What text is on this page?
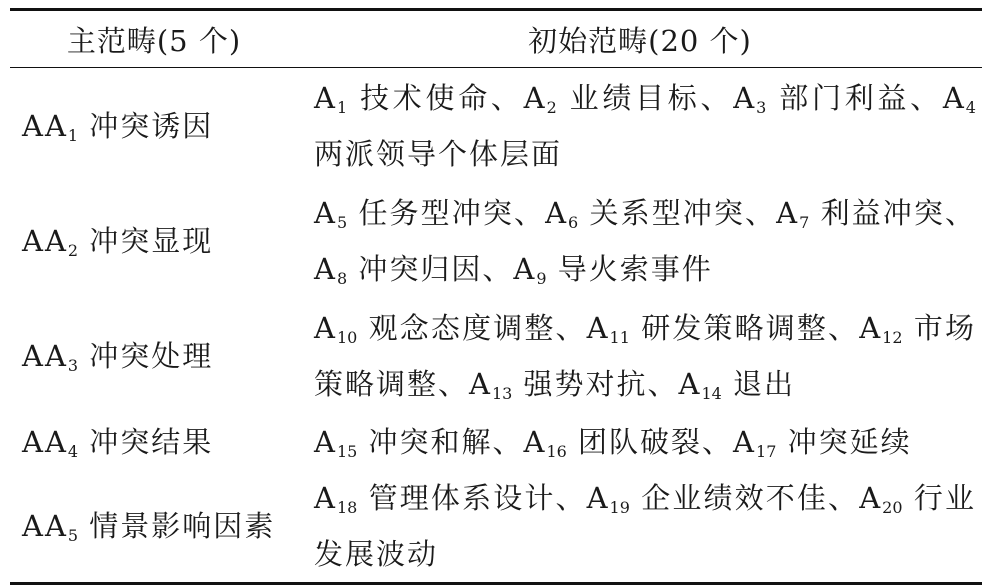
主范畴(5 个)	初始范畴(20 个)

$AA_1$ 冲突诱因	$A_1$ 技术使命、$A_2$ 业绩目标、$A_3$ 部门利益、$A_4$ 两派领导个体层面

$AA_2$ 冲突显现	$A_5$ 任务型冲突、$A_6$ 关系型冲突、$A_7$ 利益冲突、$A_8$ 冲突归因、$A_9$ 导火索事件

$AA_3$ 冲突处理	$A_{10}$ 观念态度调整、$A_{11}$ 研发策略调整、$A_{12}$ 市场策略调整、$A_{13}$ 强势对抗、$A_{14}$ 退出

$AA_4$ 冲突结果	$A_{15}$ 冲突和解、$A_{16}$ 团队破裂、$A_{17}$ 冲突延续

$AA_5$ 情景影响因素	$A_{18}$ 管理体系设计、$A_{19}$ 企业绩效不佳、$A_{20}$ 行业发展波动
